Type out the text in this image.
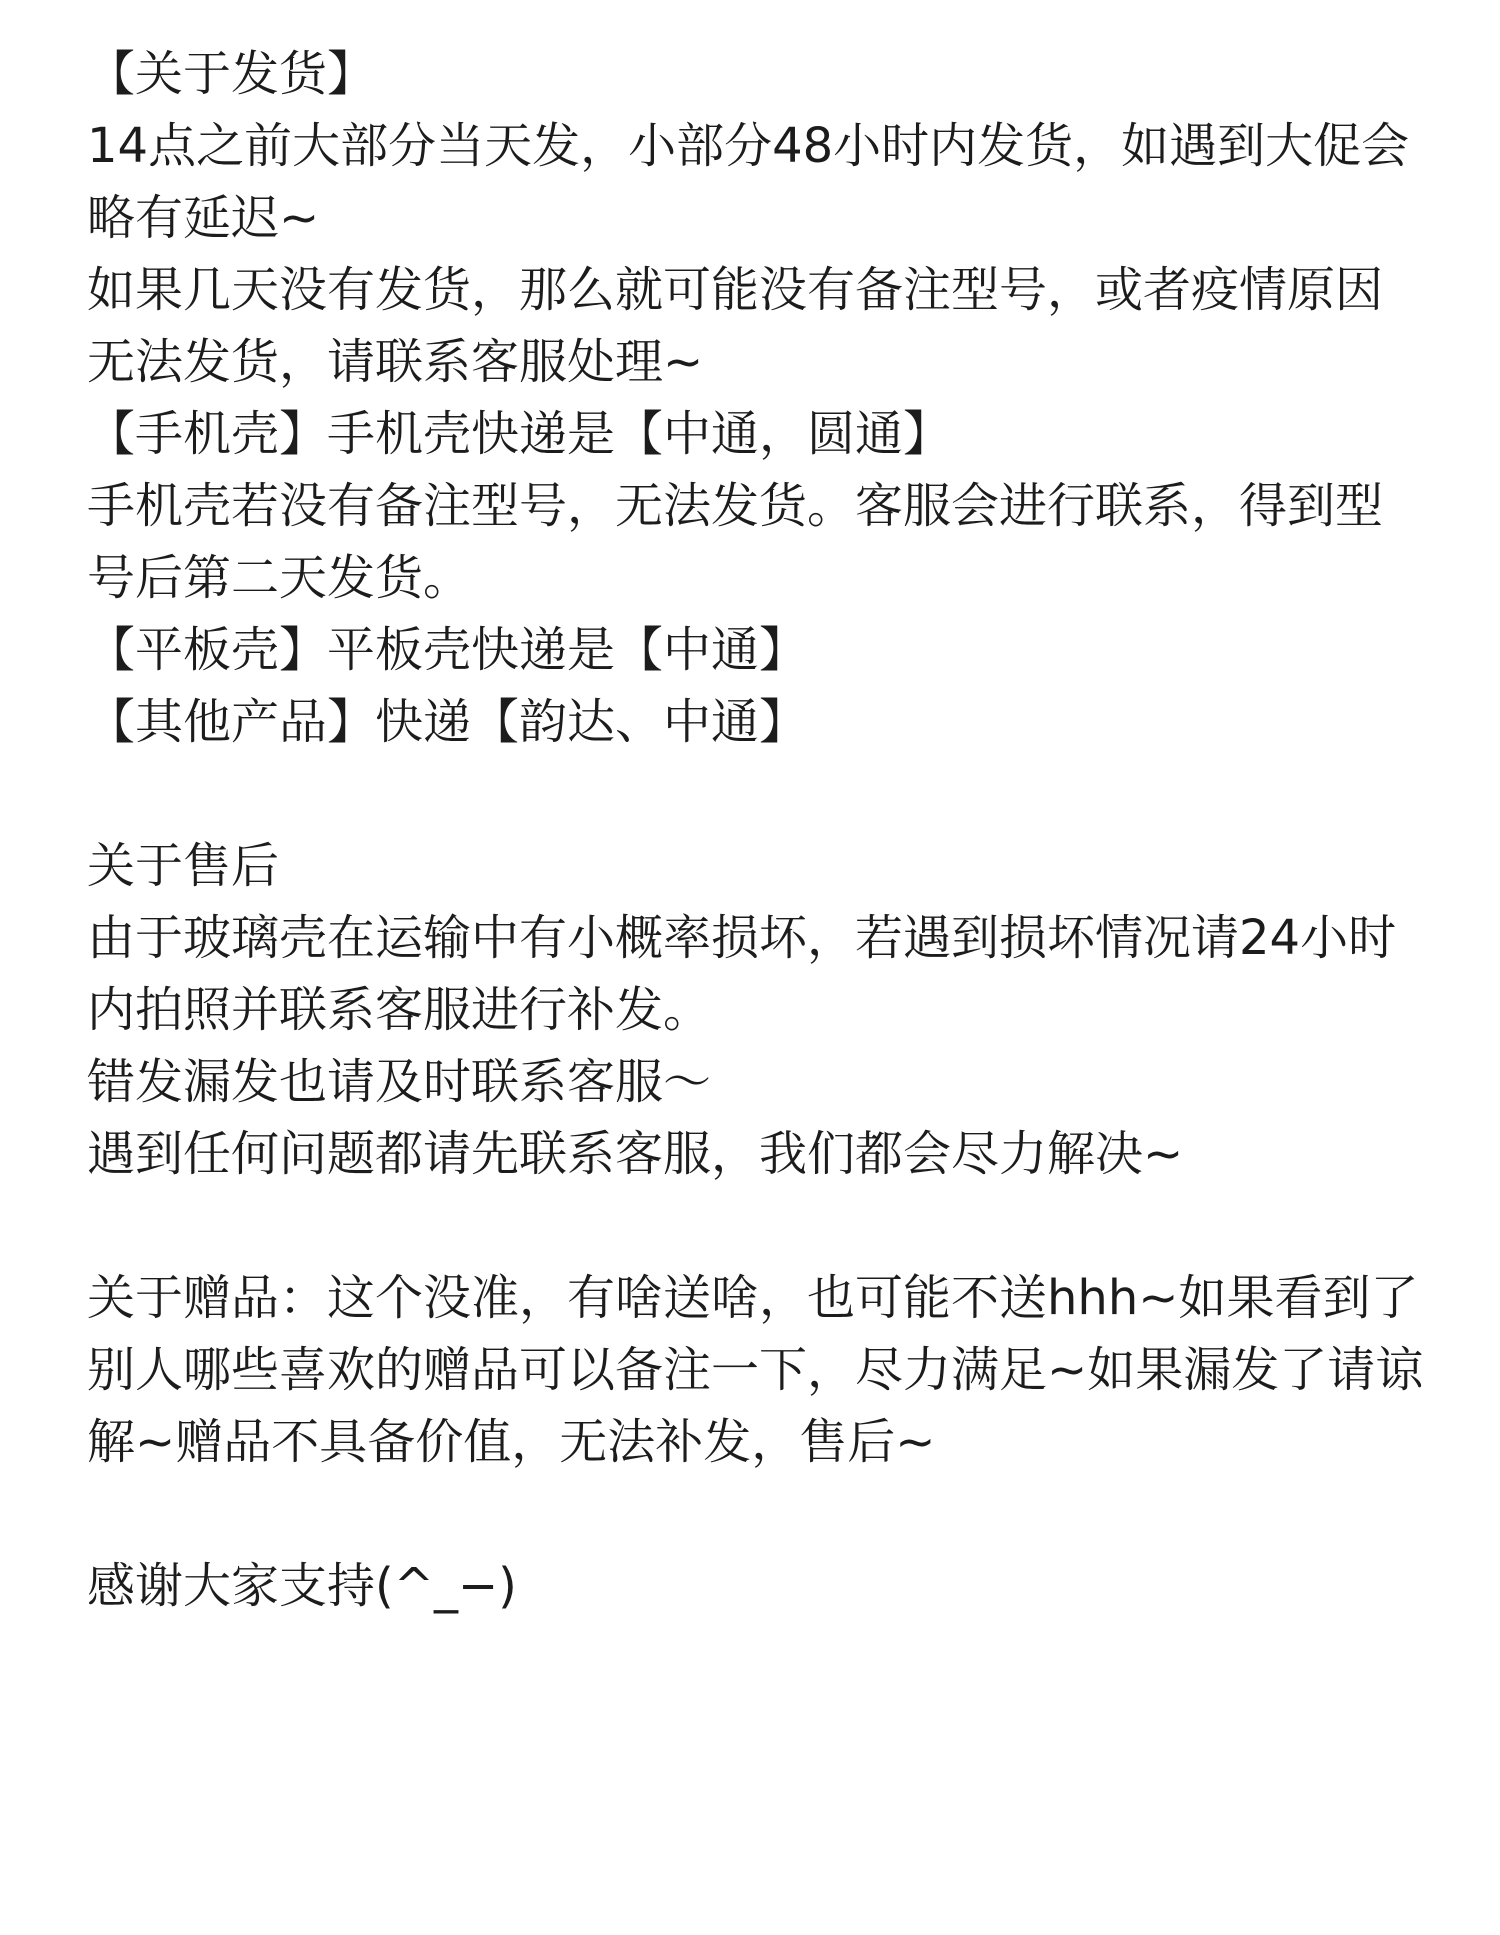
【关于发货】
14点之前大部分当天发，小部分48小时内发货，如遇到大促会
略有延迟~
如果几天没有发货，那么就可能没有备注型号，或者疫情原因
无法发货，请联系客服处理~
【手机壳】手机壳快递是【中通，圆通】
手机壳若没有备注型号，无法发货。客服会进行联系，得到型
号后第二天发货。
【平板壳】平板壳快递是【中通】
【其他产品】快递【韵达、中通】
关于售后
由于玻璃壳在运输中有小概率损坏，若遇到损坏情况请24小时
内拍照并联系客服进行补发。
错发漏发也请及时联系客服～
遇到任何问题都请先联系客服，我们都会尽力解决~
关于赠品：这个没准，有啥送啥，也可能不送hhh~如果看到了
别人哪些喜欢的赠品可以备注一下，尽力满足~如果漏发了请谅
解~赠品不具备价值，无法补发，售后~
感谢大家支持(^_−)
